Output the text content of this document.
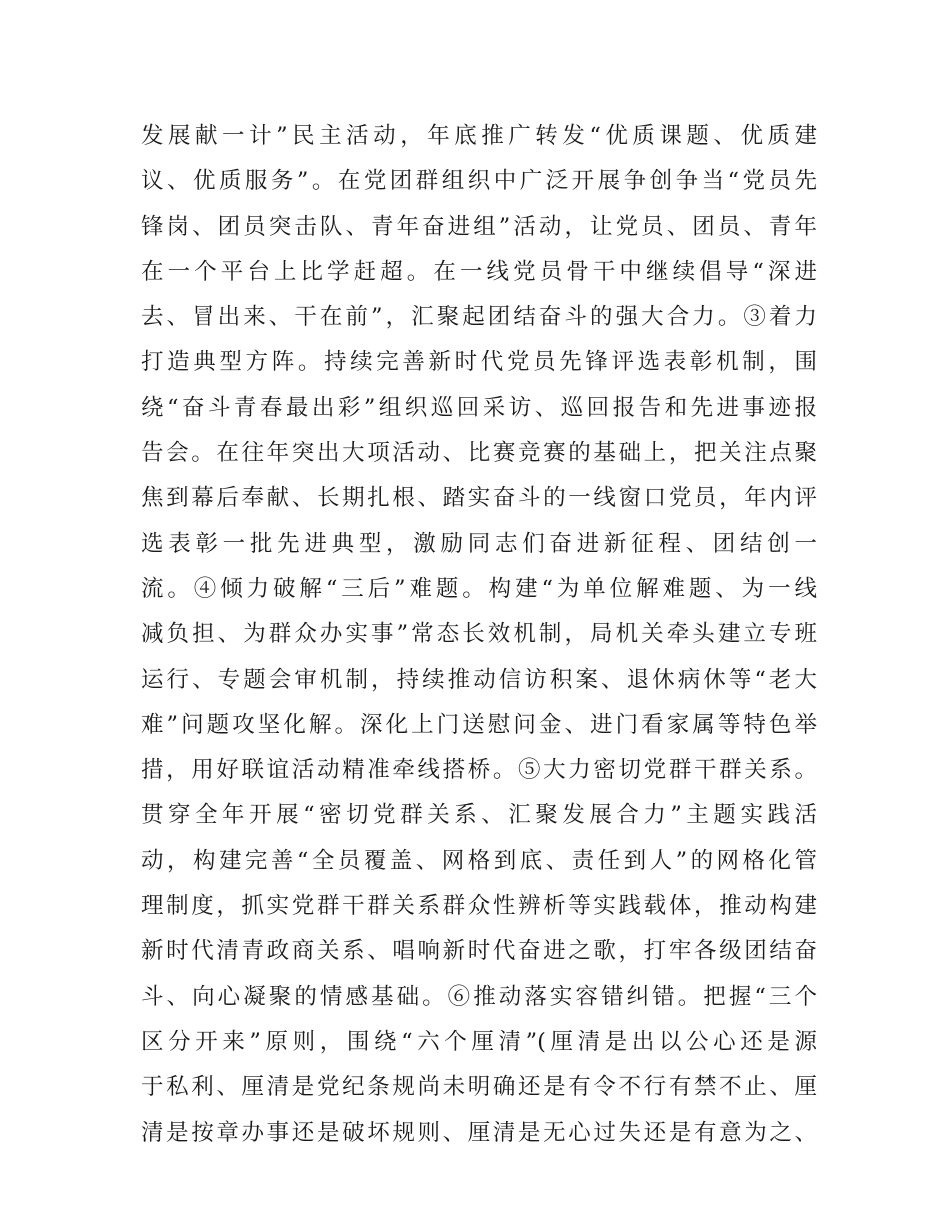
发展献一计”民主活动，年底推广转发“优质课题、优质建
议、优质服务”。在党团群组织中广泛开展争创争当“党员先
锋岗、团员突击队、青年奋进组”活动，让党员、团员、青年
在一个平台上比学赶超。在一线党员骨干中继续倡导“深进
去、冒出来、干在前”，汇聚起团结奋斗的强大合力。③着力
打造典型方阵。持续完善新时代党员先锋评选表彰机制，围
绕“奋斗青春最出彩”组织巡回采访、巡回报告和先进事迹报
告会。在往年突出大项活动、比赛竞赛的基础上，把关注点聚
焦到幕后奉献、长期扎根、踏实奋斗的一线窗口党员，年内评
选表彰一批先进典型，激励同志们奋进新征程、团结创一
流。④倾力破解“三后”难题。构建“为单位解难题、为一线
减负担、为群众办实事”常态长效机制，局机关牵头建立专班
运行、专题会审机制，持续推动信访积案、退休病休等“老大
难”问题攻坚化解。深化上门送慰问金、进门看家属等特色举
措，用好联谊活动精准牵线搭桥。⑤大力密切党群干群关系。
贯穿全年开展“密切党群关系、汇聚发展合力”主题实践活
动，构建完善“全员覆盖、网格到底、责任到人”的网格化管
理制度，抓实党群干群关系群众性辨析等实践载体，推动构建
新时代清青政商关系、唱响新时代奋进之歌，打牢各级团结奋
斗、向心凝聚的情感基础。⑥推动落实容错纠错。把握“三个
区分开来”原则，围绕“六个厘清”(厘清是出以公心还是源
于私利、厘清是党纪条规尚未明确还是有令不行有禁不止、厘
清是按章办事还是破坏规则、厘清是无心过失还是有意为之、
